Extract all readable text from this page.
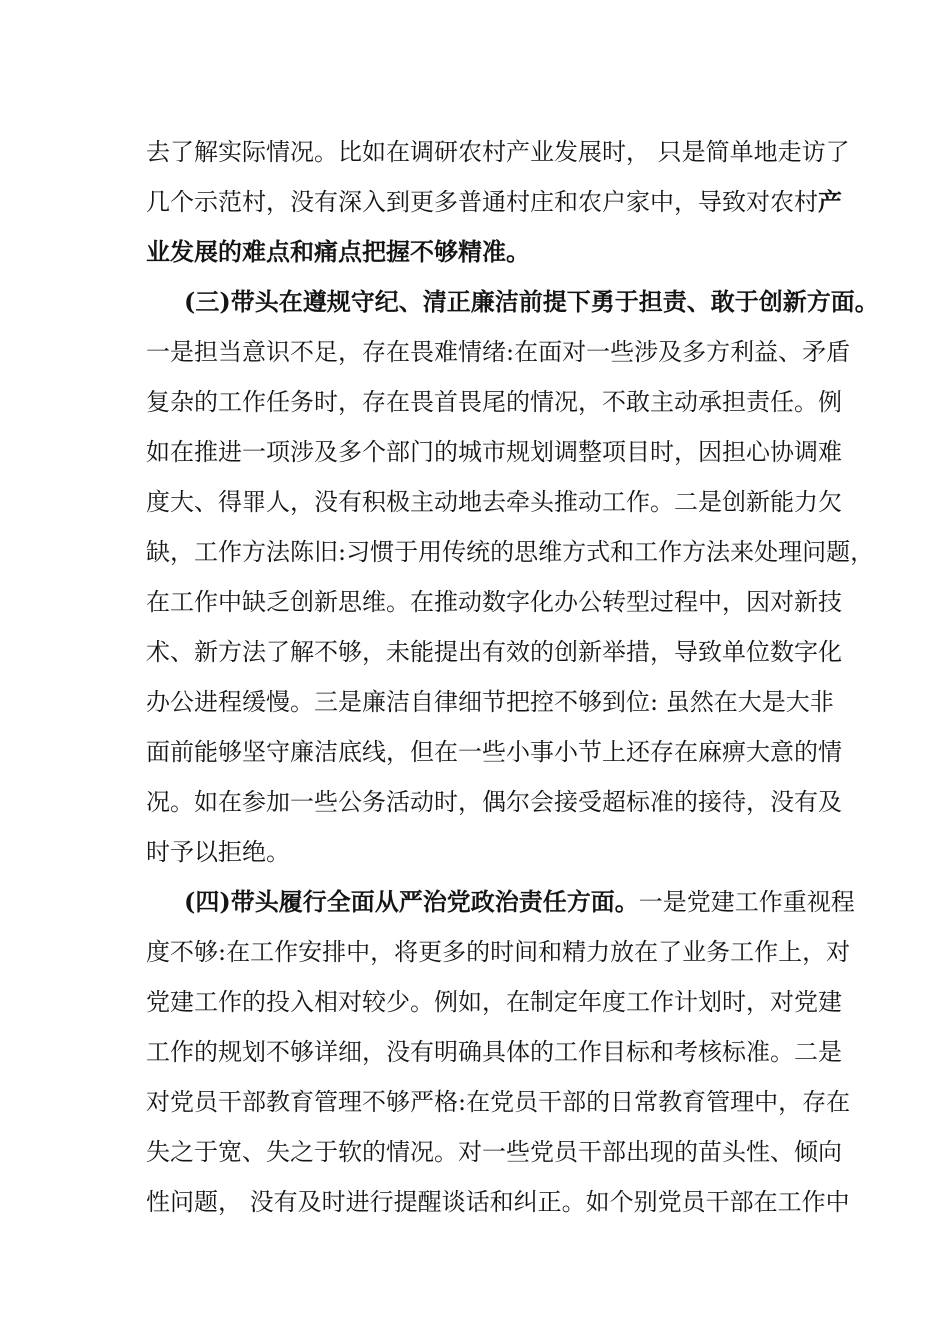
去了解实际情况。比如在调研农村产业发展时， 只是简单地走访了
几个示范村，没有深入到更多普通村庄和农户家中，导致对农村产
业发展的难点和痛点把握不够精准。
(三)带头在遵规守纪、清正廉洁前提下勇于担责、敢于创新方面。
一是担当意识不足，存在畏难情绪:在面对一些涉及多方利益、矛盾
复杂的工作任务时，存在畏首畏尾的情况，不敢主动承担责任。例
如在推进一项涉及多个部门的城市规划调整项目时，因担心协调难
度大、得罪人，没有积极主动地去牵头推动工作。二是创新能力欠
缺，工作方法陈旧:习惯于用传统的思维方式和工作方法来处理问题，
在工作中缺乏创新思维。在推动数字化办公转型过程中，因对新技
术、新方法了解不够，未能提出有效的创新举措，导致单位数字化
办公进程缓慢。三是廉洁自律细节把控不够到位: 虽然在大是大非
面前能够坚守廉洁底线，但在一些小事小节上还存在麻痹大意的情
况。如在参加一些公务活动时，偶尔会接受超标准的接待，没有及
时予以拒绝。
(四)带头履行全面从严治党政治责任方面。一是党建工作重视程
度不够:在工作安排中，将更多的时间和精力放在了业务工作上，对
党建工作的投入相对较少。例如，在制定年度工作计划时，对党建
工作的规划不够详细，没有明确具体的工作目标和考核标准。二是
对党员干部教育管理不够严格:在党员干部的日常教育管理中，存在
失之于宽、失之于软的情况。对一些党员干部出现的苗头性、倾向
性问题， 没有及时进行提醒谈话和纠正。如个别党员干部在工作中
